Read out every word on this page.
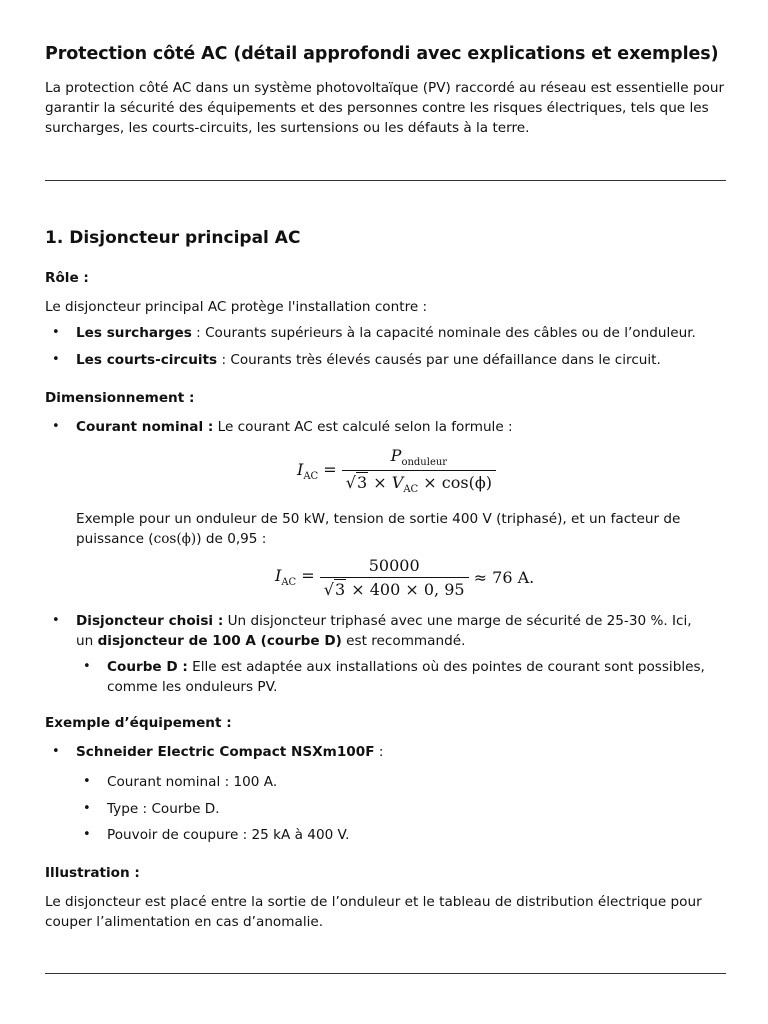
Protection côté AC (détail approfondi avec explications et exemples)

La protection côté AC dans un système photovoltaïque (PV) raccordé au réseau est essentielle pour garantir la sécurité des équipements et des personnes contre les risques électriques, tels que les surcharges, les courts-circuits, les surtensions ou les défauts à la terre.

1. Disjoncteur principal AC
Rôle :

Le disjoncteur principal AC protège l'installation contre :

• Les surcharges : Courants supérieurs à la capacité nominale des câbles ou de l’onduleur.
• Les courts-circuits : Courants très élevés causés par une défaillance dans le circuit.
Dimensionnement :
• Courant nominal : Le courant AC est calculé selon la formule :
$I_{AC} = \frac{P_{onduleur}}{√3 \times V_{AC} \times \cos(\phi)}$

Exemple pour un onduleur de 50 kW, tension de sortie 400 V (triphasé), et un facteur de puissance (cos(ϕ)) de 0,95 :

$I_{AC} = \frac{50000}{√3 \times 400 \times 0, 95} \approx 76$ A.
• Disjoncteur choisi : Un disjoncteur triphasé avec une marge de sécurité de 25-30 %. Ici,
un disjoncteur de 100 A (courbe D) est recommandé.
• Courbe D : Elle est adaptée aux installations où des pointes de courant sont possibles,
comme les onduleurs PV.
Exemple d’équipement :
• Schneider Electric Compact NSXm100F :
• Courant nominal : 100 A.
• Type : Courbe D.
• Pouvoir de coupure : 25 kA à 400 V.
Illustration :

Le disjoncteur est placé entre la sortie de l’onduleur et le tableau de distribution électrique pour couper l’alimentation en cas d’anomalie.
